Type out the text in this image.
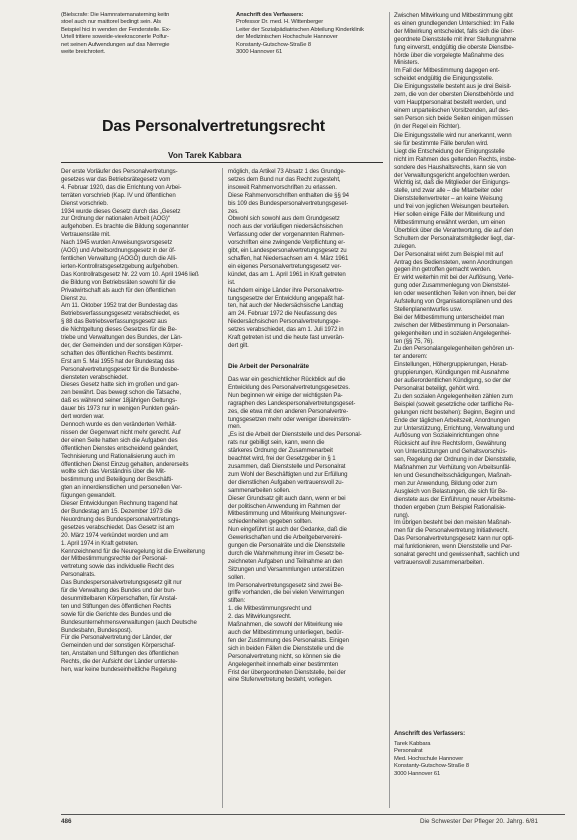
(Bielscrafe: Die Hamnratemanaterning keitn
stoel auch nur maittorel bedingt sein. Als
Beispiel hici in wenden der Fenderstelle. Ex-
Urtell tritiere soweide-vieekraconerle Polfur-
net seinen Aufwendungen auf das Nierregie
weite breichrotert.
Anschrift des Verfassers:
Professor Dr. med. H. Wittenberger
Leiter der Sozialpädiatrischen Abteilung Kinderklinik
der Medizinischen Hochschule Hannover
Konstanty-Gutschow-Straße 8
3000 Hannover 61
Zwischen Mitwirkung und Mitbestimmung gibt
es einen grundlegenden Unterschied: Im Falle
der Mitwirkung entscheidet, falls sich die über-
geordnete Dienststelle mit ihrer Stellungnahme
fung einverstt, endgültig die oberste Dienstbe-
hörde über die vorgelegte Maßnahme des
Ministers.
Im Fall der Mitbestimmung dagegen ent-
scheidet endgültig die Einigungsstelle.
Die Einigungsstelle besteht aus je drei Beisit-
zern, die von der obersten Dienstbehörde und
vom Hauptpersonalrat bestellt werden, und
einem unparteiischen Vorsitzenden, auf des-
sen Person sich beide Seiten einigen müssen
(in der Regel ein Richter).
Das Personalvertretungsrecht
Von Tarek Kabbara
Der erste Vorläufer des Personalvertretungs-
gesetzes war das Betriebsrätegesetz vom
4. Februar 1920, das die Errichtung von Arbei-
terräten vorschrieb (Kap. IV und öffentlichen
Dienst vorschrieb.
1934 wurde dieses Gesetz durch das „Gesetz
zur Ordnung der nationalen Arbeit (AOG)“
aufgehoben. Es brachte die Bildung sogenannter
Vertrauensräte mit.
Nach 1945 wurden Anweisungsvorsgesetz
(AOG) und Arbeitsordnungsgesetz in der öf-
fentlichen Verwaltung (AOGÖ) durch die Alli-
ierten-Kontrollratsgesetzgebung aufgehoben.
Das Kontrollratsgesetz Nr. 22 vom 10. April 1946 ließ
die Bildung von Betriebsräten sowohl für die
Privatwirtschaft als auch für den öffentlichen
Dienst zu.
Am 11. Oktober 1952 trat der Bundestag das
Betriebsverfassungsgesetz verabschiedet, es
§ 88 das Betriebsverfassungsgesetz aus
die Nichtgeltung dieses Gesetzes für die Be-
triebe und Verwaltungen des Bundes, der Län-
der, der Gemeinden und der sonstigen Körper-
schaften des öffentlichen Rechts bestimmt.
Erst am 5. Mai 1955 hat der Bundestag das
Personalvertretungsgesetz für die Bundesbe-
diensteten verabschiedet.
Dieses Gesetz hatte sich im großen und gan-
zen bewährt. Das bewegt schon die Tatsache,
daß es während seiner 18jährigen Geltungs-
dauer bis 1973 nur in wenigen Punkten geän-
dert worden war.
Dennoch wurde es den veränderten Verhält-
nissen der Gegenwart nicht mehr gerecht. Auf
der einen Seite hatten sich die Aufgaben des
öffentlichen Dienstes entscheidend geändert,
Technisierung und Rationalisierung auch im
öffentlichen Dienst Einzug gehalten, andererseits
wollte sich das Verständnis über die Mit-
bestimmung und Beteiligung der Beschäfti-
gten an innerdienstlichen und personellen Ver-
fügungen gewandelt.
Dieser Entwicklungen Rechnung tragend hat
der Bundestag am 15. Dezember 1973 die
Neuordnung des Bundespersonalvertretungs-
gesetzes verabschiedet. Das Gesetz ist am
20. März 1974 verkündet worden und am
1. April 1974 in Kraft getreten.
Kennzeichnend für die Neuregelung ist die Erweiterung
der Mitbestimmungsrechte der Personal-
vertretung sowie das individuelle Recht des
Personalrats.
Das Bundespersonalvertretungsgesetz gilt nur
für die Verwaltung des Bundes und der bun-
desunmittelbaren Körperschaften, für Anstal-
ten und Stiftungen des öffentlichen Rechts
sowie für die Gerichte des Bundes und die
Bundesunternehmensverwaltungen (auch Deutsche
Bundesbahn, Bundespost).
Für die Personalvertretung der Länder, der
Gemeinden und der sonstigen Körperschaf-
ten, Anstalten und Stiftungen des öffentlichen
Rechts, die der Aufsicht der Länder unterste-
hen, war keine bundeseinheitliche Regelung
möglich, da Artikel 73 Absatz 1 des Grundge-
setzes dem Bund nur das Recht zugesteht,
insoweit Rahmenvorschriften zu erlassen.
Diese Rahmenvorschriften enthalten die §§ 94
bis 109 des Bundespersonalvertretungsgeset-
zes.
Obwohl sich sowohl aus dem Grundgesetz
noch aus der vorläufigen niedersächsischen
Verfassung oder der vorgenannten Rahmen-
vorschriften eine zwingende Verpflichtung er-
gibt, ein Landespersonalvertretungsgesetz zu
schaffen, hat Niedersachsen am 4. März 1961
ein eigenes Personalvertretungsgesetz ver-
kündet, das am 1. April 1961 in Kraft getreten
ist.
Nachdem einige Länder ihre Personalvertre-
tungsgesetze der Entwicklung angepaßt hat-
ten, hat auch der Niedersächsische Landtag
am 24. Februar 1972 die Neufassung des
Niedersächsischen Personalvertretungsge-
setzes verabschiedet, das am 1. Juli 1972 in
Kraft getreten ist und die heute fast unverän-
dert gilt.
Die Arbeit der Personalräte
Das war ein geschichtlicher Rückblick auf die
Entwicklung des Personalvertretungsgesetzes.
Nun beginnen wir einige der wichtigsten Pa-
ragraphen des Landespersonalvertretungsgeset-
zes, die etwa mit den anderen Personalvertre-
tungsgesetzen mehr oder weniger übereinstim-
men.
„Es ist die Arbeit der Dienststelle und des Personal-
rats nur gebilligt sein, kann, wenn die
stärkeres Ordnung der Zusammenarbeit
beachtet wird, frei der Gesetzgeber in § 1
zusammen, daß Dienststelle und Personalrat
zum Wohl der Beschäftigten und zur Erfüllung
der dienstlichen Aufgaben vertrauensvoll zu-
sammenarbeiten sollen.
Dieser Grundsatz gilt auch dann, wenn er bei
der politischen Anwendung im Rahmen der
Mitbestimmung und Mitwirkung Meinungsver-
schiedenheiten gegeben sollten.
Nun eingeführt ist auch der Gedanke, daß die
Gewerkschaften und die Arbeitgebervereini-
gungen die Personalräte und die Dienststelle
durch die Wahrnehmung ihrer im Gesetz be-
zeichneten Aufgaben und Teilnahme an den
Sitzungen und Versammlungen unterstützen
sollen.
Im Personalvertretungsgesetz sind zwei Be-
griffe vorhanden, die bei vielen Verwirrungen
stiften:
1. die Mitbestimmungsrecht und
2. das Mitwirkungsrecht.
Maßnahmen, die sowohl der Mitwirkung wie
auch der Mitbestimmung unterliegen, bedür-
fen der Zustimmung des Personalrats. Einigen
sich in beiden Fällen die Dienststelle und die
Personalvertretung nicht, so können sie die
Angelegenheit innerhalb einer bestimmten
Frist der übergeordneten Dienststelle, bei der
eine Stufenvertretung besteht, vorlegen.
Die Einigungsstelle wird nur anerkannt, wenn
sie für bestimmte Fälle berufen wird.
Liegt die Entscheidung der Einigungsstelle
nicht im Rahmen des geltenden Rechts, insbe-
sondere des Haushaltsrechts, kann sie von
der Verwaltungsgericht angefochten werden.
Wichtig ist, daß die Mitglieder der Einigungs-
stelle, und zwar alle – die Mitarbeiter oder
Dienststellenvertreter – an keine Weisung
und frei von jeglichen Weisungen beurteilen.
Hier sollen einige Fälle der Mitwirkung und
Mitbestimmung erwähnt werden, um einen
Überblick über die Verantwortung, die auf den
Schultern der Personalratsmitglieder liegt, dar-
zulegen.
Der Personalrat wirkt zum Beispiel mit auf
Antrag des Bediensteten, wenn Anordnungen
gegen ihn getroffen gemacht werden.
Er wirkt weiterhin mit bei der Auflösung, Verle-
gung oder Zusammenlegung von Dienststel-
len oder wesentlichen Teilen von ihnen, bei der
Aufstellung von Organisationsplänen und des
Stellenplanentwurfes usw.
Bei der Mitbestimmung unterscheidet man
zwischen der Mitbestimmung in Personalan-
gelegenheiten und in sozialen Angelegenhei-
ten (§§ 75, 76).
Zu den Personalangelegenheiten gehören un-
ter anderem:
Einstellungen, Höhergruppierungen, Herab-
gruppierungen, Kündigungen mit Ausnahme
der außerordentlichen Kündigung, so der der
Personalrat beteiligt, gehört wird.
Zu den sozialen Angelegenheiten zählen zum
Beispiel (soweit gesetzliche oder tarifliche Re-
gelungen nicht bestehen): Beginn, Beginn und
Ende der täglichen Arbeitszeit, Anordnungen
zur Unterstützung, Errichtung, Verwaltung und
Auflösung von Sozialeinrichtungen ohne
Rücksicht auf ihre Rechtsform, Gewährung
von Unterstützungen und Gehaltsvorschüs-
sen, Regelung der Ordnung in der Dienststelle,
Maßnahmen zur Verhütung von Arbeitsunfäl-
len und Gesundheitsschädigungen, Maßnah-
men zur Anwendung, Bildung oder zum
Ausgleich von Belastungen, die sich für Be-
dienstete aus der Einführung neuer Arbeitsme-
thoden ergeben (zum Beispiel Rationalisie-
rung).
Im übrigen besteht bei den meisten Maßnah-
men für die Personalvertretung Initiativrecht.
Das Personalvertretungsgesetz kann nur opti-
mal funktionieren, wenn Dienststelle und Per-
sonalrat gerecht und gewissenhaft, sachlich und
vertrauensvoll zusammenarbeiten.
Anschrift des Verfassers:
Tarek Kabbara
Personalrat
Med. Hochschule Hannover
Konstanty-Gutschow-Straße 8
3000 Hannover 61
486	Die Schwester Der Pfleger 20. Jahrg. 6/81
